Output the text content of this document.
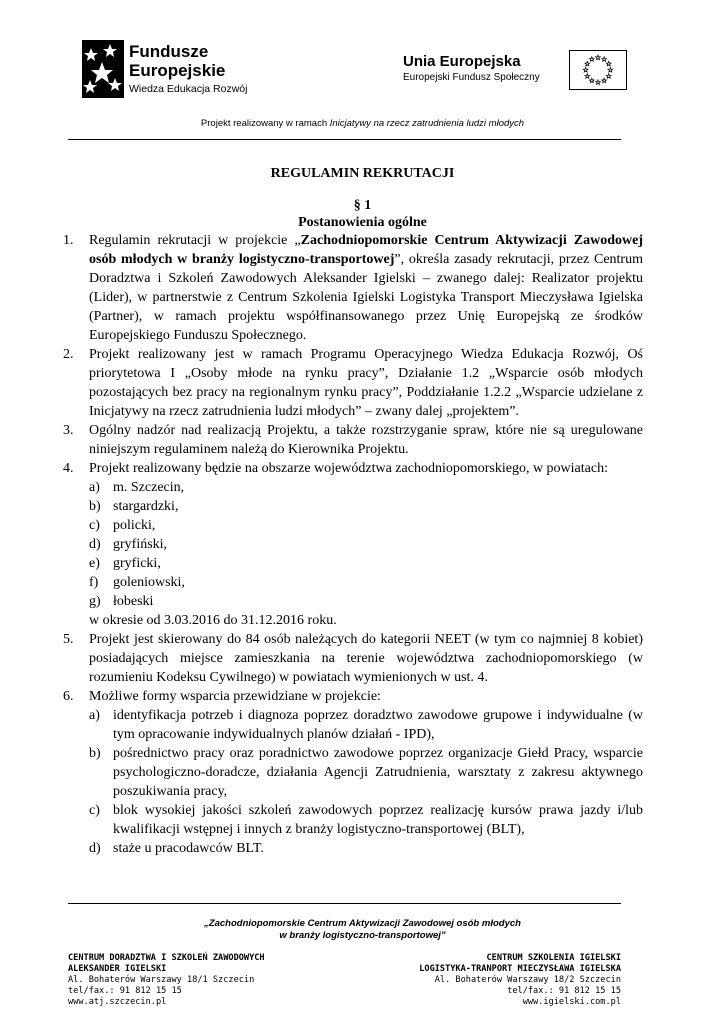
Fundusze
Europejskie
Wiedza Edukacja Rozwój
Unia Europejska
Europejski Fundusz Społeczny
Projekt realizowany w ramach Inicjatywy na rzecz zatrudnienia ludzi młodych
REGULAMIN REKRUTACJI
§ 1
Postanowienia ogólne
1.	Regulamin rekrutacji w projekcie „Zachodniopomorskie Centrum Aktywizacji Zawodowej osób młodych w branży logistyczno-transportowej”, określa zasady rekrutacji, przez Centrum Doradztwa i Szkoleń Zawodowych Aleksander Igielski – zwanego dalej: Realizator projektu (Lider), w partnerstwie z Centrum Szkolenia Igielski Logistyka Transport Mieczysława Igielska (Partner), w ramach projektu współfinansowanego przez Unię Europejską ze środków Europejskiego Funduszu Społecznego.
2.	Projekt realizowany jest w ramach Programu Operacyjnego Wiedza Edukacja Rozwój, Oś priorytetowa I „Osoby młode na rynku pracy”, Działanie 1.2 „Wsparcie osób młodych pozostających bez pracy na regionalnym rynku pracy”, Poddziałanie 1.2.2 „Wsparcie udzielane z Inicjatywy na rzecz zatrudnienia ludzi młodych” – zwany dalej „projektem”.
3.	Ogólny nadzór nad realizacją Projektu, a także rozstrzyganie spraw, które nie są uregulowane niniejszym regulaminem należą do Kierownika Projektu.
4.	Projekt realizowany będzie na obszarze województwa zachodniopomorskiego, w powiatach:
a) m. Szczecin,
b) stargardzki,
c) policki,
d) gryfiński,
e) gryficki,
f)	goleniowski,
g) łobeski
w okresie od 3.03.2016 do 31.12.2016 roku.
5.	Projekt jest skierowany do 84 osób należących do kategorii NEET (w tym co najmniej 8 kobiet) posiadających miejsce zamieszkania na terenie województwa zachodniopomorskiego (w rozumieniu Kodeksu Cywilnego) w powiatach wymienionych w ust. 4.
6.	Możliwe formy wsparcia przewidziane w projekcie:
a) identyfikacja potrzeb i diagnoza poprzez doradztwo zawodowe grupowe i indywidualne (w tym opracowanie indywidualnych planów działań - IPD),
b) pośrednictwo pracy oraz poradnictwo zawodowe poprzez organizacje Giełd Pracy, wsparcie psychologiczno-doradcze, działania Agencji Zatrudnienia, warsztaty z zakresu aktywnego poszukiwania pracy,
c) blok wysokiej jakości szkoleń zawodowych poprzez realizację kursów prawa jazdy i/lub kwalifikacji wstępnej i innych z branży logistyczno-transportowej (BLT),
d) staże u pracodawców BLT.
„Zachodniopomorskie Centrum Aktywizacji Zawodowej osób młodych
w branży logistyczno-transportowej”
CENTRUM DORADZTWA I SZKOLEŃ ZAWODOWYCH
ALEKSANDER IGIELSKI
Al. Bohaterów Warszawy 18/1 Szczecin
tel/fax.: 91 812 15 15
www.atj.szczecin.pl
CENTRUM SZKOLENIA IGIELSKI
LOGISTYKA-TRANPORT MIECZYSŁAWA IGIELSKA
Al. Bohaterów Warszawy 18/2 Szczecin
tel/fax.: 91 812 15 15
www.igielski.com.pl
